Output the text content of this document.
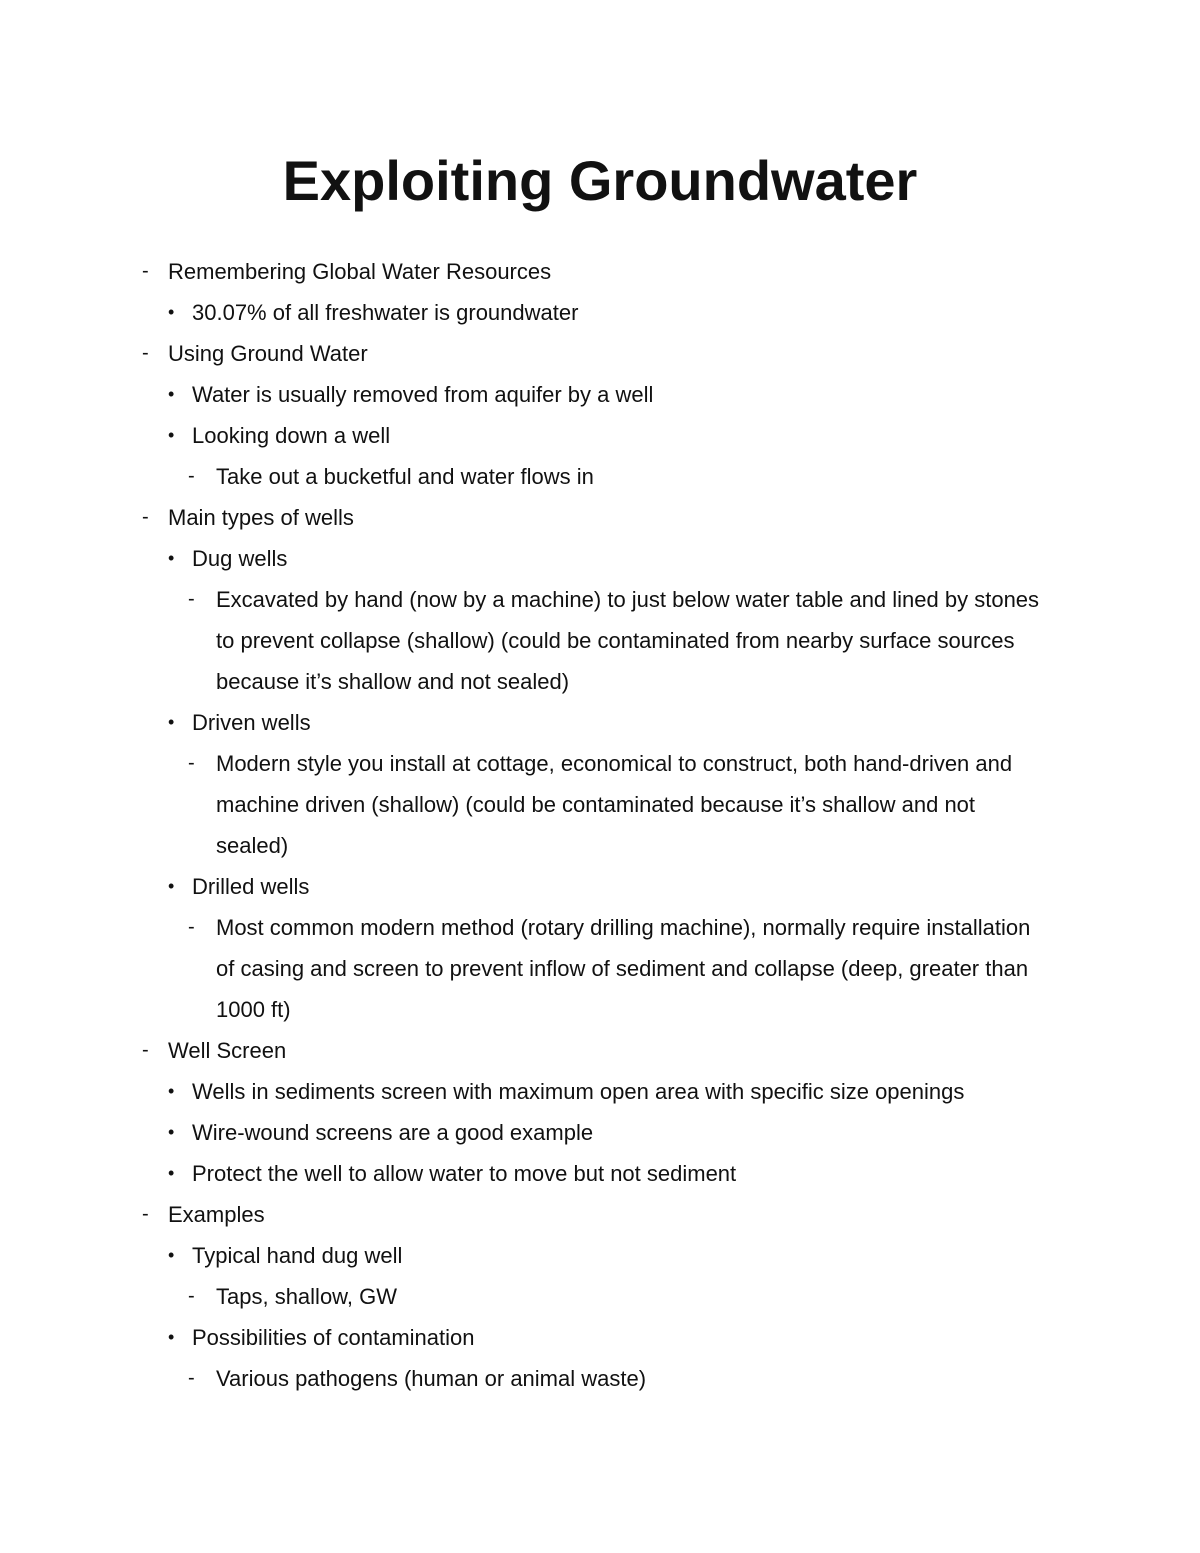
Exploiting Groundwater
- Remembering Global Water Resources
• 30.07% of all freshwater is groundwater
- Using Ground Water
• Water is usually removed from aquifer by a well
• Looking down a well
- Take out a bucketful and water flows in
- Main types of wells
• Dug wells
- Excavated by hand (now by a machine) to just below water table and lined by stones to prevent collapse (shallow) (could be contaminated from nearby surface sources because it’s shallow and not sealed)
• Driven wells
- Modern style you install at cottage, economical to construct, both hand-driven and machine driven (shallow) (could be contaminated because it’s shallow and not sealed)
• Drilled wells
- Most common modern method (rotary drilling machine), normally require installation of casing and screen to prevent inflow of sediment and collapse (deep, greater than 1000 ft)
- Well Screen
• Wells in sediments screen with maximum open area with specific size openings
• Wire-wound screens are a good example
• Protect the well to allow water to move but not sediment
- Examples
• Typical hand dug well
- Taps, shallow, GW
• Possibilities of contamination
- Various pathogens (human or animal waste)
